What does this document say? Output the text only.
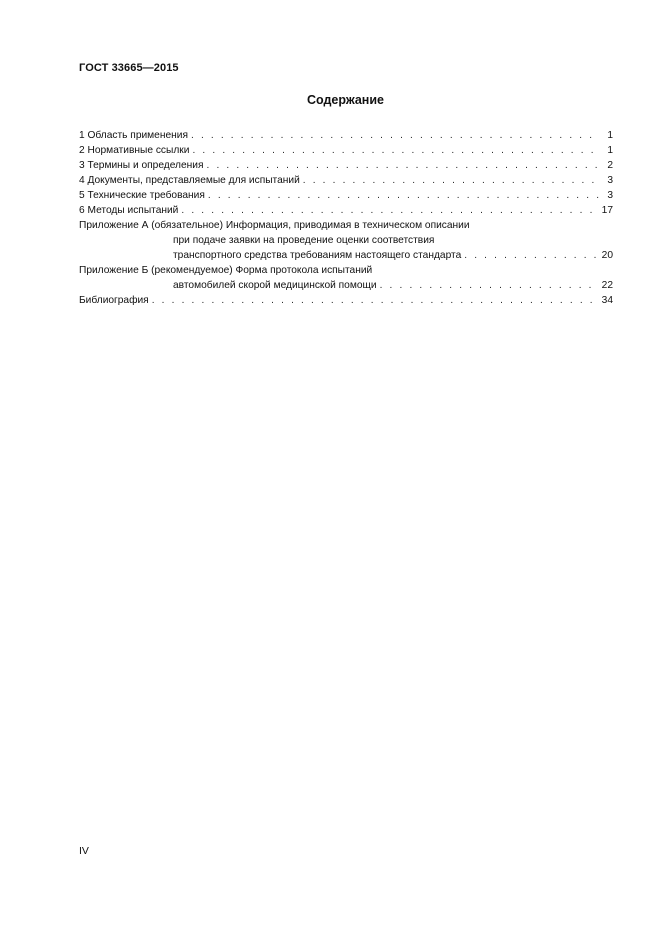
ГОСТ 33665—2015
Содержание
1 Область применения . . .	1
2 Нормативные ссылки . . .	1
3 Термины и определения . . .	2
4 Документы, представляемые для испытаний . . .	3
5 Технические требования . . .	3
6 Методы испытаний . . .	17
Приложение А (обязательное) Информация, приводимая в техническом описании
при подаче заявки на проведение оценки соответствия
транспортного средства требованиям настоящего стандарта . . .	20
Приложение Б (рекомендуемое) Форма протокола испытаний
автомобилей скорой медицинской помощи . . .	22
Библиография . . .	34
IV
